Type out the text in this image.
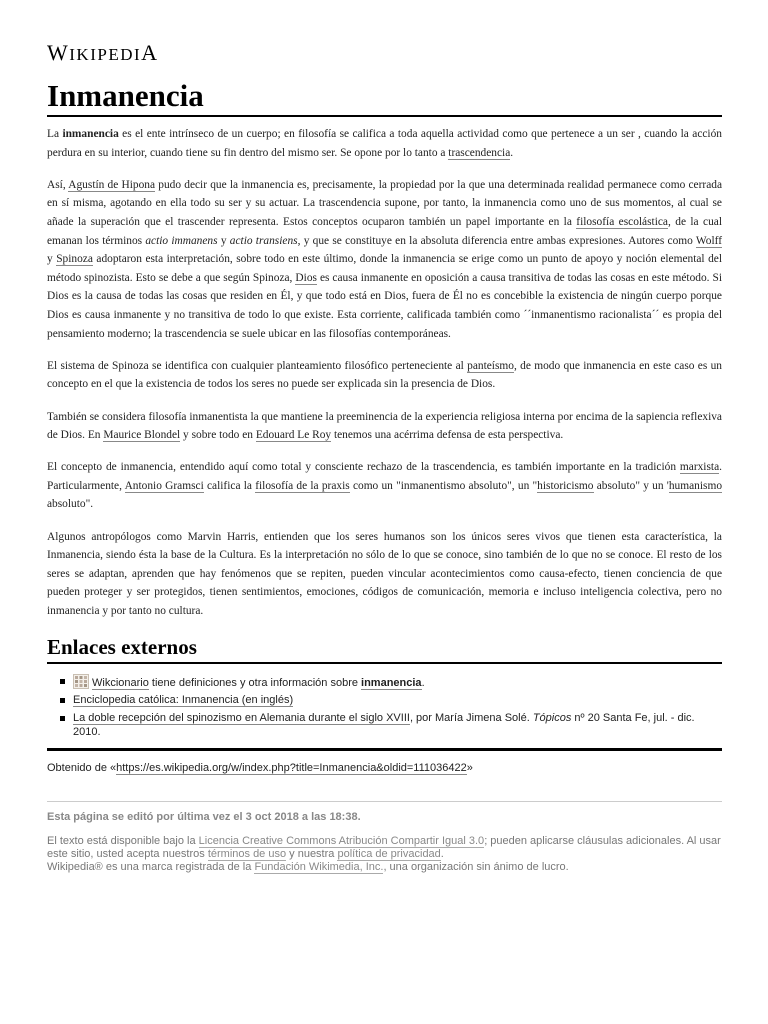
WIKIPEDIA
Inmanencia

La inmanencia es el ente intrínseco de un cuerpo; en filosofía se califica a toda aquella actividad como que pertenece a un ser , cuando la acción perdura en su interior, cuando tiene su fin dentro del mismo ser. Se opone por lo tanto a trascendencia.

Así, Agustín de Hipona pudo decir que la inmanencia es, precisamente, la propiedad por la que una determinada realidad permanece como cerrada en sí misma, agotando en ella todo su ser y su actuar. La trascendencia supone, por tanto, la inmanencia como uno de sus momentos, al cual se añade la superación que el trascender representa. Estos conceptos ocuparon también un papel importante en la filosofía escolástica, de la cual emanan los términos actio immanens y actio transiens, y que se constituye en la absoluta diferencia entre ambas expresiones. Autores como Wolff y Spinoza adoptaron esta interpretación, sobre todo en este último, donde la inmanencia se erige como un punto de apoyo y noción elemental del método spinozista. Esto se debe a que según Spinoza, Dios es causa inmanente en oposición a causa transitiva de todas las cosas en este método. Si Dios es la causa de todas las cosas que residen en Él, y que todo está en Dios, fuera de Él no es concebible la existencia de ningún cuerpo porque Dios es causa inmanente y no transitiva de todo lo que existe. Esta corriente, calificada también como ´´inmanentismo racionalista´´ es propia del pensamiento moderno; la trascendencia se suele ubicar en las filosofías contemporáneas.

El sistema de Spinoza se identifica con cualquier planteamiento filosófico perteneciente al panteísmo, de modo que inmanencia en este caso es un concepto en el que la existencia de todos los seres no puede ser explicada sin la presencia de Dios.

También se considera filosofía inmanentista la que mantiene la preeminencia de la experiencia religiosa interna por encima de la sapiencia reflexiva de Dios. En Maurice Blondel y sobre todo en Edouard Le Roy tenemos una acérrima defensa de esta perspectiva.

El concepto de inmanencia, entendido aquí como total y consciente rechazo de la trascendencia, es también importante en la tradición marxista. Particularmente, Antonio Gramsci califica la filosofía de la praxis como un "inmanentismo absoluto", un "historicismo absoluto" y un 'humanismo absoluto".

Algunos antropólogos como Marvin Harris, entienden que los seres humanos son los únicos seres vivos que tienen esta característica, la Inmanencia, siendo ésta la base de la Cultura. Es la interpretación no sólo de lo que se conoce, sino también de lo que no se conoce. El resto de los seres se adaptan, aprenden que hay fenómenos que se repiten, pueden vincular acontecimientos como causa-efecto, tienen conciencia de que pueden proteger y ser protegidos, tienen sentimientos, emociones, códigos de comunicación, memoria e incluso inteligencia colectiva, pero no inmanencia y por tanto no cultura.

Enlaces externos
Wikcionario tiene definiciones y otra información sobre inmanencia.
Enciclopedia católica: Inmanencia (en inglés)
La doble recepción del spinozismo en Alemania durante el siglo XVIII, por María Jimena Solé. Tópicos nº 20 Santa Fe, jul. - dic. 2010.
Obtenido de «https://es.wikipedia.org/w/index.php?title=Inmanencia&oldid=111036422»
Esta página se editó por última vez el 3 oct 2018 a las 18:38.
El texto está disponible bajo la Licencia Creative Commons Atribución Compartir Igual 3.0; pueden aplicarse cláusulas adicionales. Al usar este sitio, usted acepta nuestros términos de uso y nuestra política de privacidad.
Wikipedia® es una marca registrada de la Fundación Wikimedia, Inc., una organización sin ánimo de lucro.
